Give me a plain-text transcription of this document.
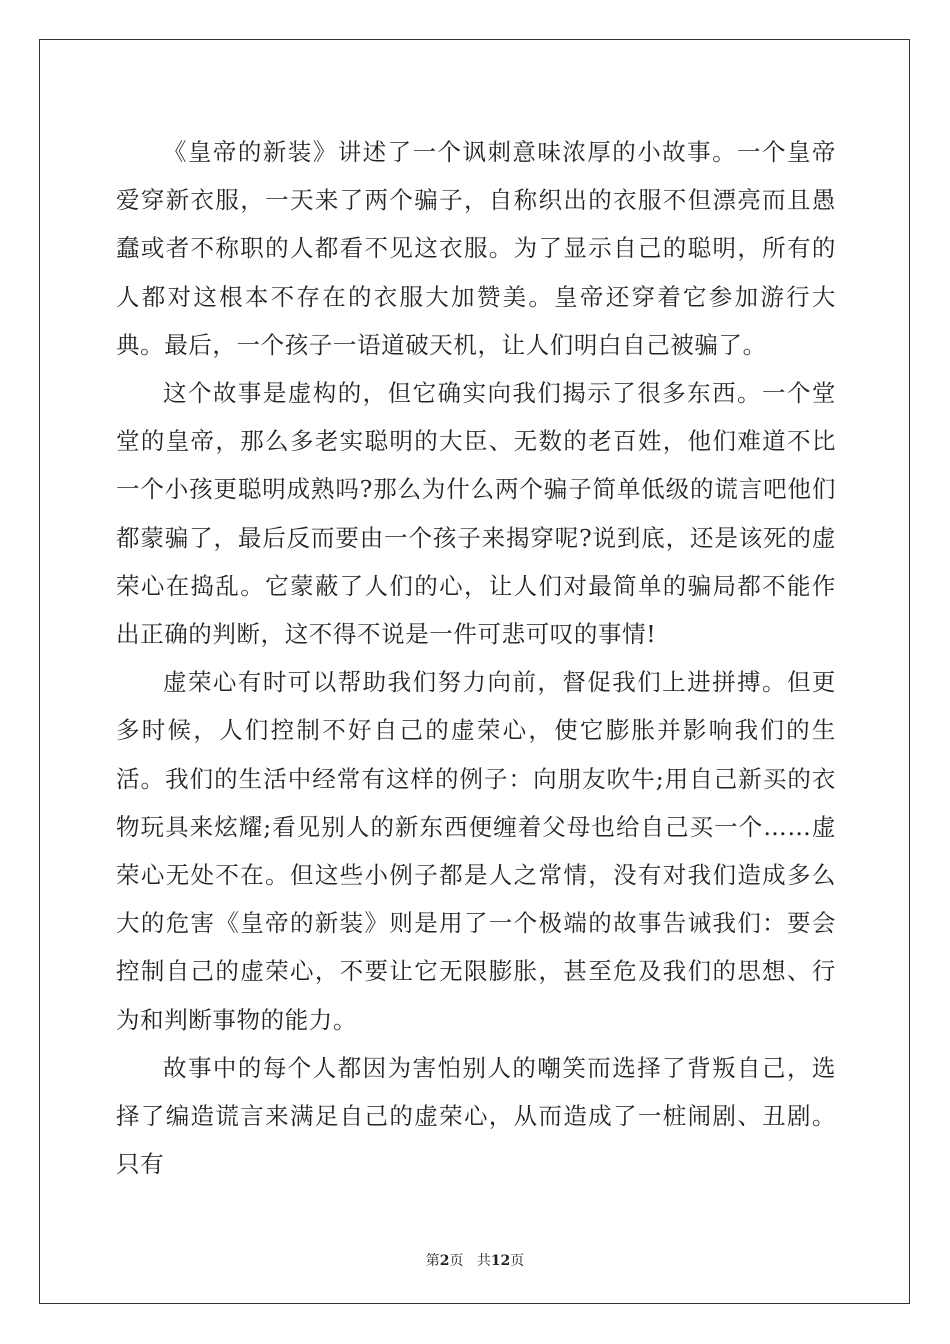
《皇帝的新装》讲述了一个讽刺意味浓厚的小故事。一个皇帝爱穿新衣服，一天来了两个骗子，自称织出的衣服不但漂亮而且愚蠢或者不称职的人都看不见这衣服。为了显示自己的聪明，所有的人都对这根本不存在的衣服大加赞美。皇帝还穿着它参加游行大典。最后，一个孩子一语道破天机，让人们明白自己被骗了。

这个故事是虚构的，但它确实向我们揭示了很多东西。一个堂堂的皇帝，那么多老实聪明的大臣、无数的老百姓，他们难道不比一个小孩更聪明成熟吗?那么为什么两个骗子简单低级的谎言吧他们都蒙骗了，最后反而要由一个孩子来揭穿呢?说到底，还是该死的虚荣心在捣乱。它蒙蔽了人们的心，让人们对最简单的骗局都不能作出正确的判断，这不得不说是一件可悲可叹的事情!

虚荣心有时可以帮助我们努力向前，督促我们上进拼搏。但更多时候，人们控制不好自己的虚荣心，使它膨胀并影响我们的生活。我们的生活中经常有这样的例子：向朋友吹牛;用自己新买的衣物玩具来炫耀;看见别人的新东西便缠着父母也给自己买一个……虚荣心无处不在。但这些小例子都是人之常情，没有对我们造成多么大的危害《皇帝的新装》则是用了一个极端的故事告诫我们：要会控制自己的虚荣心，不要让它无限膨胀，甚至危及我们的思想、行为和判断事物的能力。

故事中的每个人都因为害怕别人的嘲笑而选择了背叛自己，选择了编造谎言来满足自己的虚荣心，从而造成了一桩闹剧、丑剧。只有

第2页 共12页
